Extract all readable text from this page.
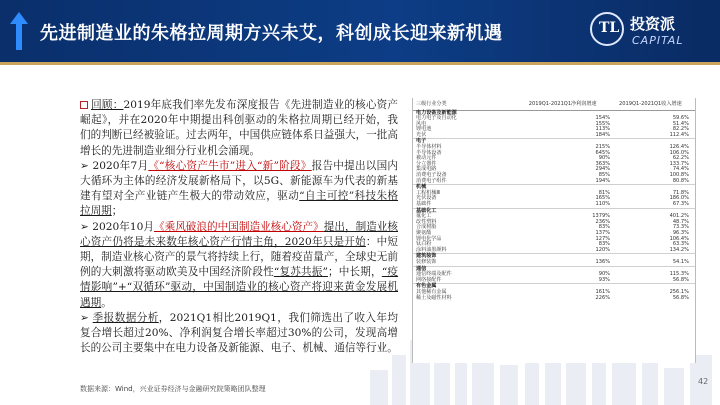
先进制造业的朱格拉周期方兴未艾，科创成长迎来新机遇	TL 投资派
CAPITAL

回顾：2019年底我们率先发布深度报告《先进制造业的核心资产崛起》，并在2020年中期提出科创驱动的朱格拉周期已经开始，我们的判断已经被验证。过去两年，中国供应链体系日益强大，一批高增长的先进制造业细分行业机会涌现。

➢ 2020年7月《“核心资产牛市”进入“新”阶段》报告中提出以国内大循环为主体的经济发展新格局下，以5G、新能源车为代表的新基建有望对全产业链产生极大的带动效应，驱动“自主可控”科技朱格拉周期；

➢ 2020年10月《乘风破浪的中国制造业核心资产》提出，制造业核心资产仍将是未来数年核心资产行情主角，2020年只是开始：中短期，制造业核心资产的景气将持续上行，随着疫苗量产，全球史无前例的大刺激将驱动欧美及中国经济阶段性“复苏共振”；中长期，“疫情影响”+“双循环”驱动，中国制造业的核心资产将迎来黄金发展机遇期。

➢ 季报数据分析，2021Q1相比2019Q1，我们筛选出了收入年均复合增长超过20%、净利润复合增长率超过30%的公司，发现高增长的公司主要集中在电力设备及新能源、电子、机械、通信等行业。

三级行业分类	2019Q1-2021Q1净利润增速	2019Q1-2021Q1收入增速
电力设备及新能源		
电力电子及自动化	154%	59.6%
风电	155%	51.4%
锂电池	113%	82.2%
光伏	184%	112.4%
电子		
半导体材料	215%	126.4%
半导体设备	645%	106.0%
被动元件	90%	62.2%
分立器件	363%	133.7%
集成电路	294%	74.4%
消费电子设备	85%	100.8%
消费电子组件	194%	80.8%
机械		
工程机械Ⅲ	81%	71.8%
光伏设备	165%	186.0%
基础件	110%	67.3%
基础化工		
氟化工	1379%	401.2%
改性塑料	236%	48.7%
合成树脂	83%	73.3%
聚氨酯	137%	96.3%
锂电化学品	127%	106.4%
钛白粉	83%	63.3%
涂料油墨颜料	120%	134.2%
建筑装饰		
装修装饰	136%	54.1%
通信		
通信终端及配件	90%	115.3%
网络接配件	93%	56.8%
有色金属		
其他稀有金属	161%	256.1%
稀土及磁性材料	226%	56.8%
数据来源：Wind，兴业证券经济与金融研究院策略团队整理
42
